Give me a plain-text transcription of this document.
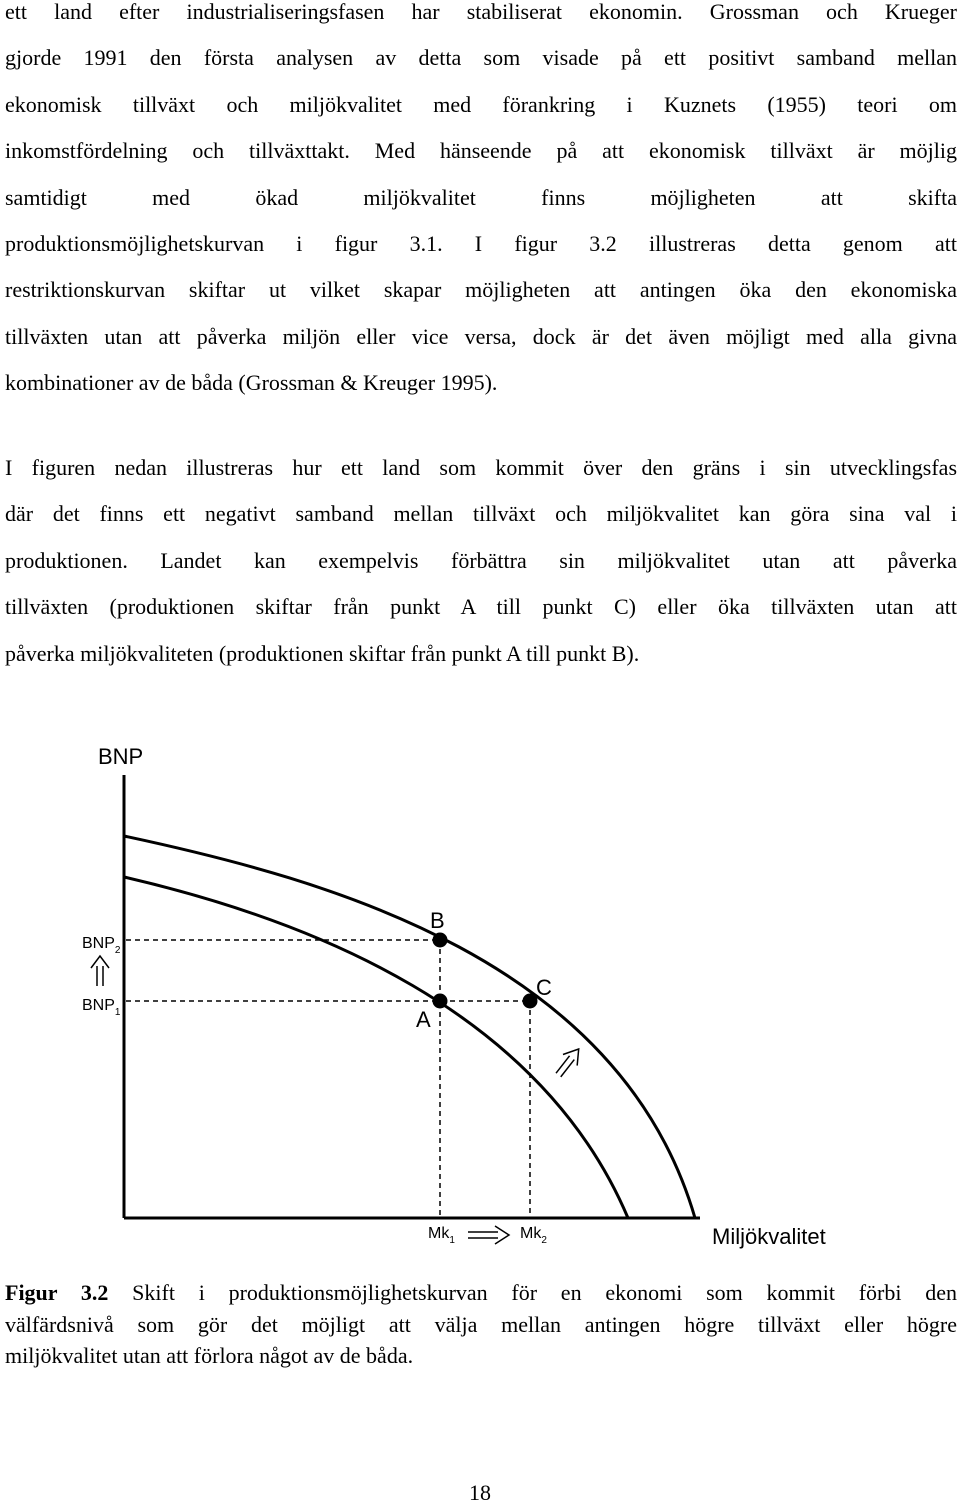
ett land efter industrialiseringsfasen har stabiliserat ekonomin. Grossman och Krueger
gjorde 1991 den första analysen av detta som visade på ett positivt samband mellan
ekonomisk tillväxt och miljökvalitet med förankring i Kuznets (1955) teori om
inkomstfördelning och tillväxttakt. Med hänseende på att ekonomisk tillväxt är möjlig
samtidigt med ökad miljökvalitet finns möjligheten att skifta
produktionsmöjlighetskurvan i figur 3.1. I figur 3.2 illustreras detta genom att
restriktionskurvan skiftar ut vilket skapar möjligheten att antingen öka den ekonomiska
tillväxten utan att påverka miljön eller vice versa, dock är det även möjligt med alla givna
kombinationer av de båda (Grossman & Kreuger 1995).
I figuren nedan illustreras hur ett land som kommit över den gräns i sin utvecklingsfas
där det finns ett negativt samband mellan tillväxt och miljökvalitet kan göra sina val i
produktionen. Landet kan exempelvis förbättra sin miljökvalitet utan att påverka
tillväxten (produktionen skiftar från punkt A till punkt C) eller öka tillväxten utan att
påverka miljökvaliteten (produktionen skiftar från punkt A till punkt B).
B
A
C
BNP
Miljökvalitet
$BNP_2$
$BNP_1$
$Mk_1$	$Mk_2$
Figur 3.2 Skift i produktionsmöjlighetskurvan för en ekonomi som kommit förbi den
välfärdsnivå som gör det möjligt att välja mellan antingen högre tillväxt eller högre
miljökvalitet utan att förlora något av de båda.
18
